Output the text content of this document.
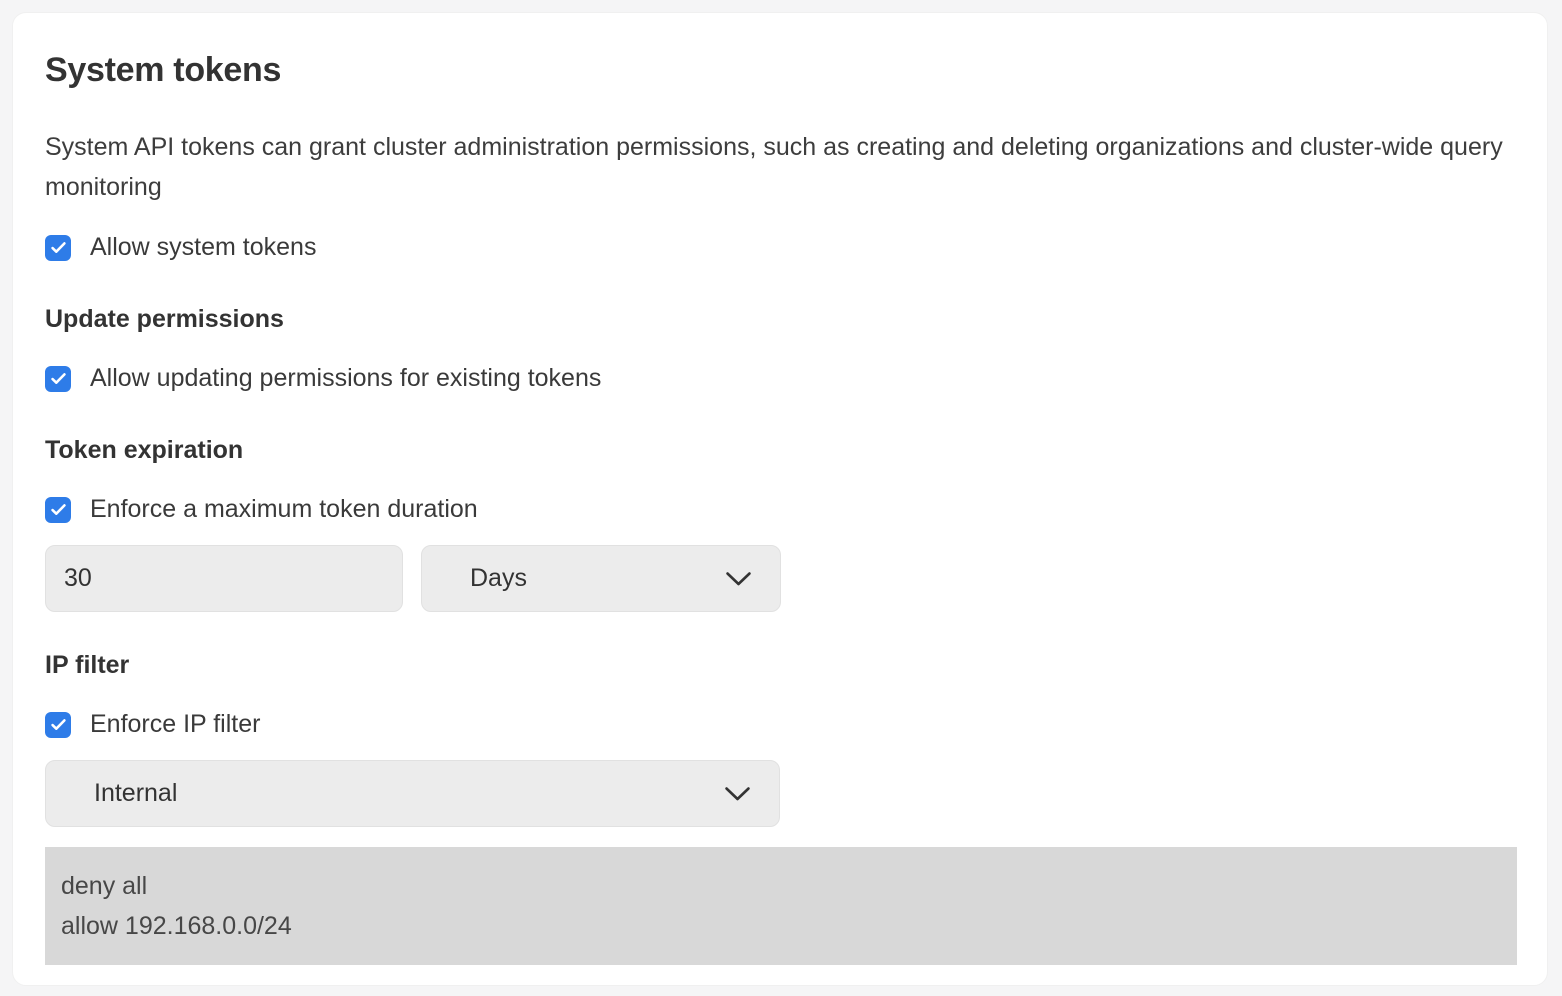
System tokens
System API tokens can grant cluster administration permissions, such as creating and deleting organizations and cluster-wide query monitoring
Allow system tokens
Update permissions
Allow updating permissions for existing tokens
Token expiration
Enforce a maximum token duration
30
Days
IP filter
Enforce IP filter
Internal
deny all
allow 192.168.0.0/24
